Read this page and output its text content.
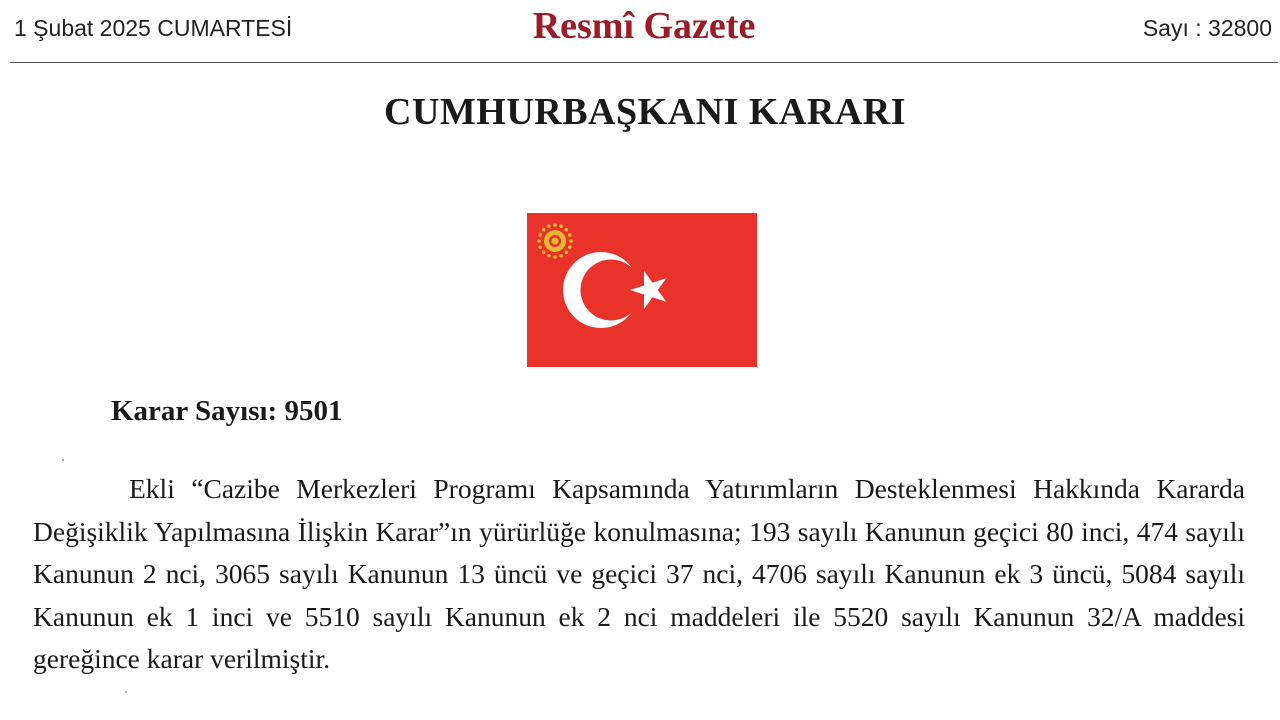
1 Şubat 2025 CUMARTESİ	Resmî Gazete	Sayı : 32800
CUMHURBAŞKANI KARARI
Karar Sayısı: 9501
Ekli “Cazibe Merkezleri Programı Kapsamında Yatırımların Desteklenmesi Hakkında Kararda Değişiklik Yapılmasına İlişkin Karar”ın yürürlüğe konulmasına; 193 sayılı Kanunun geçici 80 inci, 474 sayılı Kanunun 2 nci, 3065 sayılı Kanunun 13 üncü ve geçici 37 nci, 4706 sayılı Kanunun ek 3 üncü, 5084 sayılı Kanunun ek 1 inci ve 5510 sayılı Kanunun ek 2 nci maddeleri ile 5520 sayılı Kanunun 32/A maddesi gereğince karar verilmiştir.
